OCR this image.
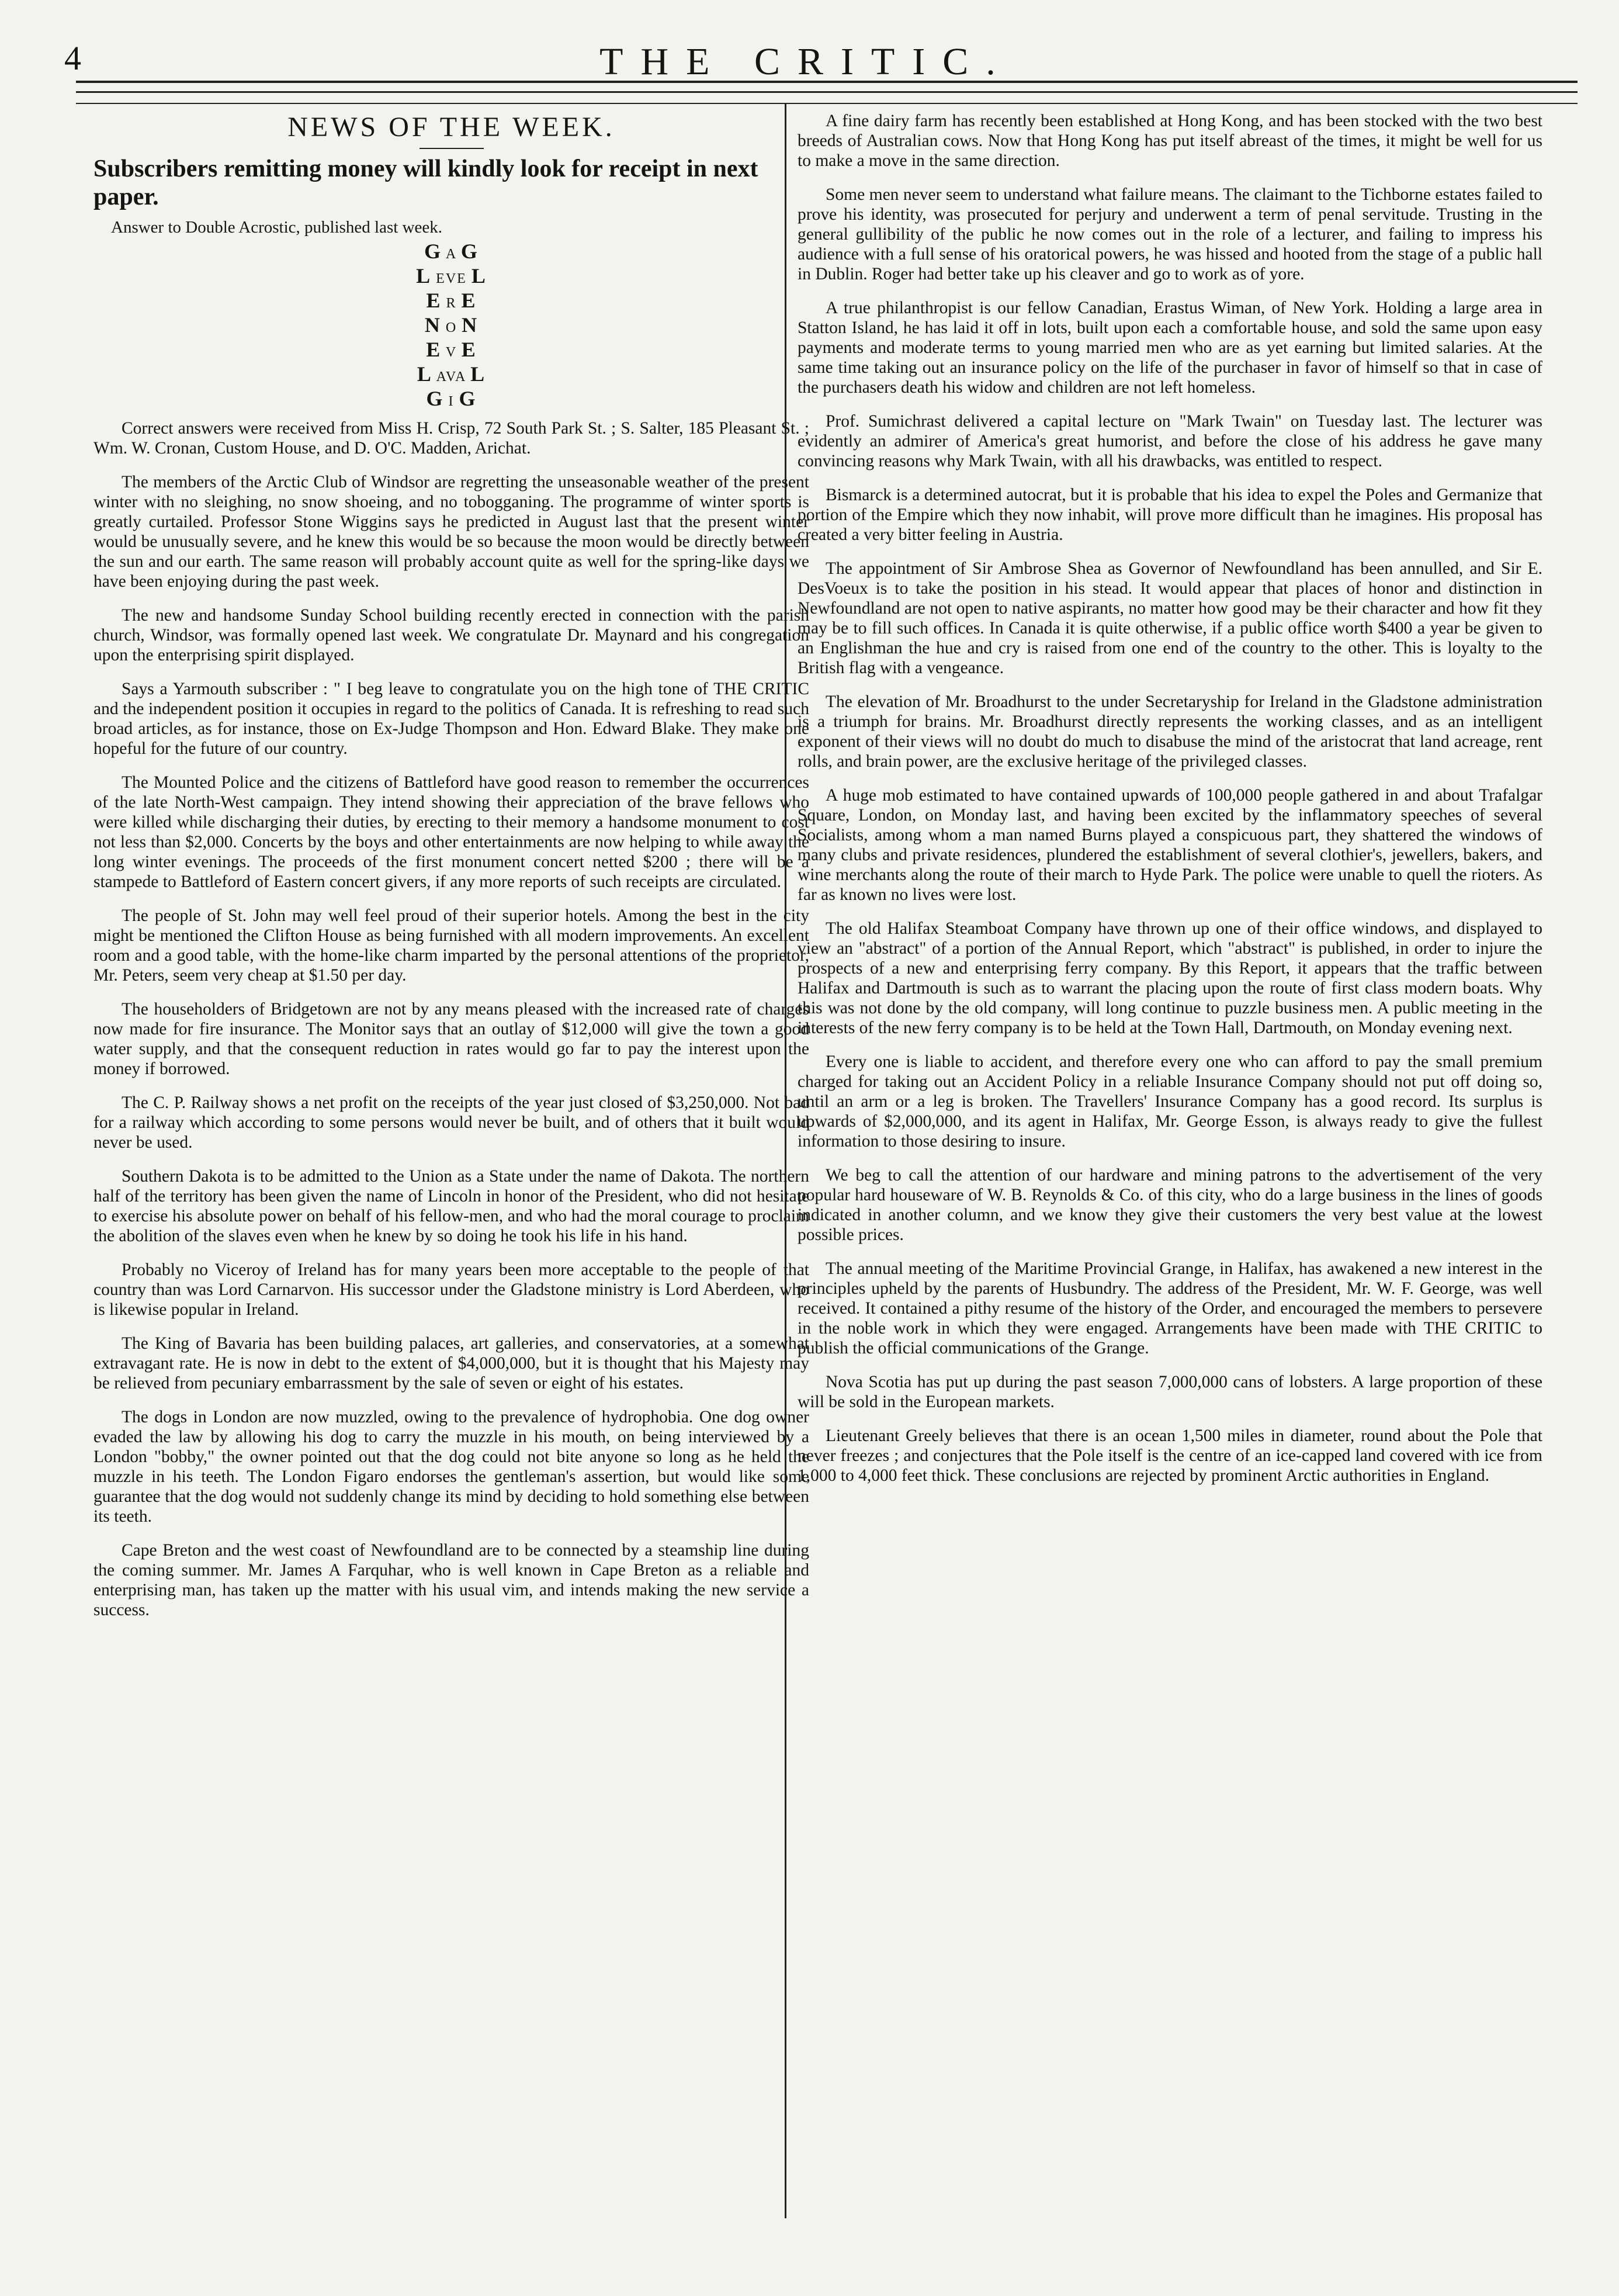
4	THE CRITIC.
NEWS OF THE WEEK.

Subscribers remitting money will kindly look for receipt in next paper.

Answer to Double Acrostic, published last week.

G A G
L EVE L
E R E
N O N
E V E
L AVA L
G I G

Correct answers were received from Miss H. Crisp, 72 South Park St. ; S. Salter, 185 Pleasant St. ; Wm. W. Cronan, Custom House, and D. O'C. Madden, Arichat.

The members of the Arctic Club of Windsor are regretting the unseasonable weather of the present winter with no sleighing, no snow shoeing, and no tobogganing. The programme of winter sports is greatly curtailed. Professor Stone Wiggins says he predicted in August last that the present winter would be unusually severe, and he knew this would be so because the moon would be directly between the sun and our earth. The same reason will probably account quite as well for the spring-like days we have been enjoying during the past week.

The new and handsome Sunday School building recently erected in connection with the parish church, Windsor, was formally opened last week. We congratulate Dr. Maynard and his congregation upon the enterprising spirit displayed.

Says a Yarmouth subscriber : " I beg leave to congratulate you on the high tone of THE CRITIC and the independent position it occupies in regard to the politics of Canada. It is refreshing to read such broad articles, as for instance, those on Ex-Judge Thompson and Hon. Edward Blake. They make one hopeful for the future of our country.

The Mounted Police and the citizens of Battleford have good reason to remember the occurrences of the late North-West campaign. They intend showing their appreciation of the brave fellows who were killed while discharging their duties, by erecting to their memory a handsome monument to cost not less than $2,000. Concerts by the boys and other entertainments are now helping to while away the long winter evenings. The proceeds of the first monument concert netted $200 ; there will be a stampede to Battleford of Eastern concert givers, if any more reports of such receipts are circulated.

The people of St. John may well feel proud of their superior hotels. Among the best in the city might be mentioned the Clifton House as being furnished with all modern improvements. An excellent room and a good table, with the home-like charm imparted by the personal attentions of the proprietor, Mr. Peters, seem very cheap at $1.50 per day.

The householders of Bridgetown are not by any means pleased with the increased rate of charges now made for fire insurance. The Monitor says that an outlay of $12,000 will give the town a good water supply, and that the consequent reduction in rates would go far to pay the interest upon the money if borrowed.

The C. P. Railway shows a net profit on the receipts of the year just closed of $3,250,000. Not bad for a railway which according to some persons would never be built, and of others that it built would never be used.

Southern Dakota is to be admitted to the Union as a State under the name of Dakota. The northern half of the territory has been given the name of Lincoln in honor of the President, who did not hesitate to exercise his absolute power on behalf of his fellow-men, and who had the moral courage to proclaim the abolition of the slaves even when he knew by so doing he took his life in his hand.

Probably no Viceroy of Ireland has for many years been more acceptable to the people of that country than was Lord Carnarvon. His successor under the Gladstone ministry is Lord Aberdeen, who is likewise popular in Ireland.

The King of Bavaria has been building palaces, art galleries, and conservatories, at a somewhat extravagant rate. He is now in debt to the extent of $4,000,000, but it is thought that his Majesty may be relieved from pecuniary embarrassment by the sale of seven or eight of his estates.

The dogs in London are now muzzled, owing to the prevalence of hydrophobia. One dog owner evaded the law by allowing his dog to carry the muzzle in his mouth, on being interviewed by a London "bobby," the owner pointed out that the dog could not bite anyone so long as he held the muzzle in his teeth. The London Figaro endorses the gentleman's assertion, but would like some guarantee that the dog would not suddenly change its mind by deciding to hold something else between its teeth.

Cape Breton and the west coast of Newfoundland are to be connected by a steamship line during the coming summer. Mr. James A Farquhar, who is well known in Cape Breton as a reliable and enterprising man, has taken up the matter with his usual vim, and intends making the new service a success.

A fine dairy farm has recently been established at Hong Kong, and has been stocked with the two best breeds of Australian cows. Now that Hong Kong has put itself abreast of the times, it might be well for us to make a move in the same direction.

Some men never seem to understand what failure means. The claimant to the Tichborne estates failed to prove his identity, was prosecuted for perjury and underwent a term of penal servitude. Trusting in the general gullibility of the public he now comes out in the role of a lecturer, and failing to impress his audience with a full sense of his oratorical powers, he was hissed and hooted from the stage of a public hall in Dublin. Roger had better take up his cleaver and go to work as of yore.

A true philanthropist is our fellow Canadian, Erastus Wiman, of New York. Holding a large area in Statton Island, he has laid it off in lots, built upon each a comfortable house, and sold the same upon easy payments and moderate terms to young married men who are as yet earning but limited salaries. At the same time taking out an insurance policy on the life of the purchaser in favor of himself so that in case of the purchasers death his widow and children are not left homeless.

Prof. Sumichrast delivered a capital lecture on "Mark Twain" on Tuesday last. The lecturer was evidently an admirer of America's great humorist, and before the close of his address he gave many convincing reasons why Mark Twain, with all his drawbacks, was entitled to respect.

Bismarck is a determined autocrat, but it is probable that his idea to expel the Poles and Germanize that portion of the Empire which they now inhabit, will prove more difficult than he imagines. His proposal has created a very bitter feeling in Austria.

The appointment of Sir Ambrose Shea as Governor of Newfoundland has been annulled, and Sir E. DesVoeux is to take the position in his stead. It would appear that places of honor and distinction in Newfoundland are not open to native aspirants, no matter how good may be their character and how fit they may be to fill such offices. In Canada it is quite otherwise, if a public office worth $400 a year be given to an Englishman the hue and cry is raised from one end of the country to the other. This is loyalty to the British flag with a vengeance.

The elevation of Mr. Broadhurst to the under Secretaryship for Ireland in the Gladstone administration is a triumph for brains. Mr. Broadhurst directly represents the working classes, and as an intelligent exponent of their views will no doubt do much to disabuse the mind of the aristocrat that land acreage, rent rolls, and brain power, are the exclusive heritage of the privileged classes.

A huge mob estimated to have contained upwards of 100,000 people gathered in and about Trafalgar Square, London, on Monday last, and having been excited by the inflammatory speeches of several Socialists, among whom a man named Burns played a conspicuous part, they shattered the windows of many clubs and private residences, plundered the establishment of several clothier's, jewellers, bakers, and wine merchants along the route of their march to Hyde Park. The police were unable to quell the rioters. As far as known no lives were lost.

The old Halifax Steamboat Company have thrown up one of their office windows, and displayed to view an "abstract" of a portion of the Annual Report, which "abstract" is published, in order to injure the prospects of a new and enterprising ferry company. By this Report, it appears that the traffic between Halifax and Dartmouth is such as to warrant the placing upon the route of first class modern boats. Why this was not done by the old company, will long continue to puzzle business men. A public meeting in the interests of the new ferry company is to be held at the Town Hall, Dartmouth, on Monday evening next.

Every one is liable to accident, and therefore every one who can afford to pay the small premium charged for taking out an Accident Policy in a reliable Insurance Company should not put off doing so, until an arm or a leg is broken. The Travellers' Insurance Company has a good record. Its surplus is upwards of $2,000,000, and its agent in Halifax, Mr. George Esson, is always ready to give the fullest information to those desiring to insure.

We beg to call the attention of our hardware and mining patrons to the advertisement of the very popular hard houseware of W. B. Reynolds & Co. of this city, who do a large business in the lines of goods indicated in another column, and we know they give their customers the very best value at the lowest possible prices.

The annual meeting of the Maritime Provincial Grange, in Halifax, has awakened a new interest in the principles upheld by the parents of Husbundry. The address of the President, Mr. W. F. George, was well received. It contained a pithy resume of the history of the Order, and encouraged the members to persevere in the noble work in which they were engaged. Arrangements have been made with THE CRITIC to publish the official communications of the Grange.

Nova Scotia has put up during the past season 7,000,000 cans of lobsters. A large proportion of these will be sold in the European markets.

Lieutenant Greely believes that there is an ocean 1,500 miles in diameter, round about the Pole that never freezes ; and conjectures that the Pole itself is the centre of an ice-capped land covered with ice from 1,000 to 4,000 feet thick. These conclusions are rejected by prominent Arctic authorities in England.
